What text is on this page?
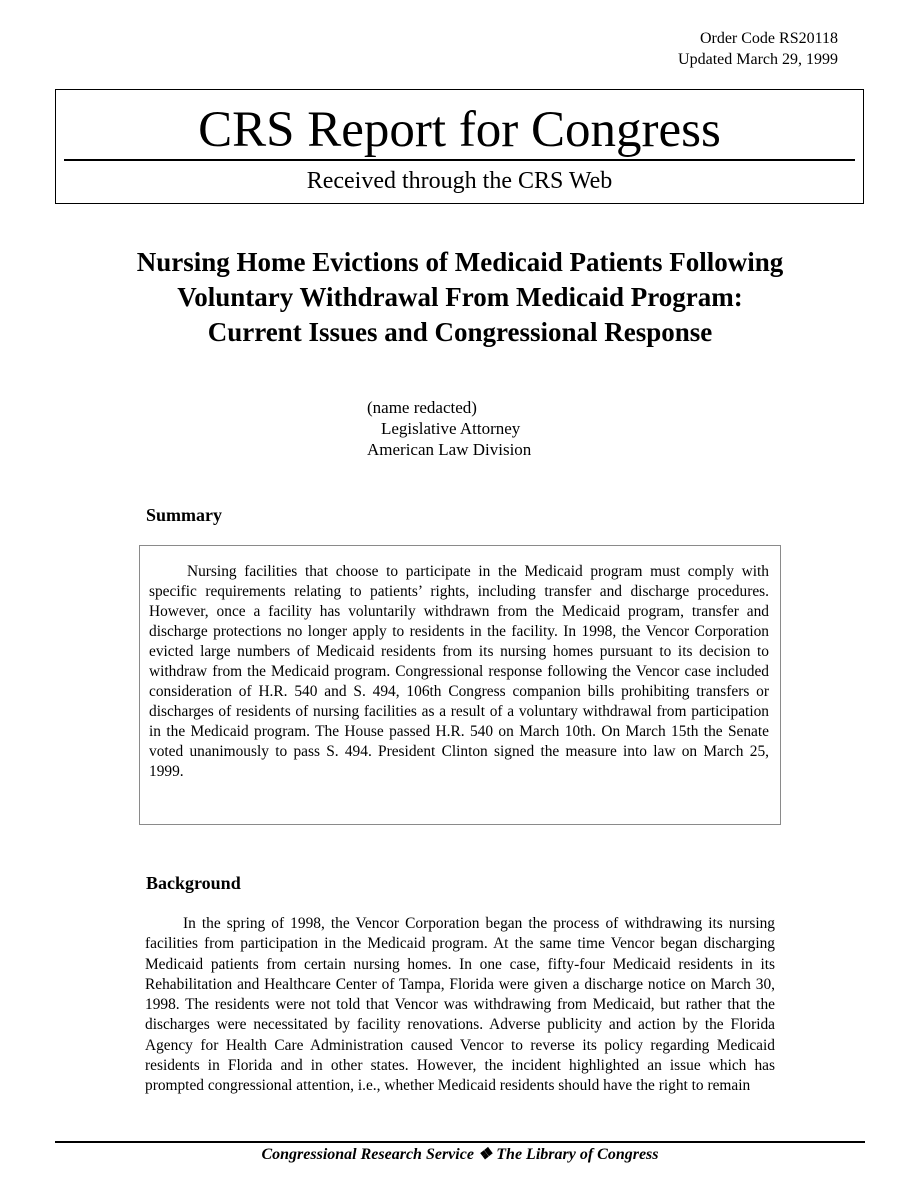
Order Code RS20118
Updated March 29, 1999
CRS Report for Congress
Received through the CRS Web
Nursing Home Evictions of Medicaid Patients Following Voluntary Withdrawal From Medicaid Program: Current Issues and Congressional Response
(name redacted)
Legislative Attorney
American Law Division
Summary
Nursing facilities that choose to participate in the Medicaid program must comply with specific requirements relating to patients’ rights, including transfer and discharge procedures. However, once a facility has voluntarily withdrawn from the Medicaid program, transfer and discharge protections no longer apply to residents in the facility. In 1998, the Vencor Corporation evicted large numbers of Medicaid residents from its nursing homes pursuant to its decision to withdraw from the Medicaid program. Congressional response following the Vencor case included consideration of H.R. 540 and S. 494, 106th Congress companion bills prohibiting transfers or discharges of residents of nursing facilities as a result of a voluntary withdrawal from participation in the Medicaid program. The House passed H.R. 540 on March 10th. On March 15th the Senate voted unanimously to pass S. 494. President Clinton signed the measure into law on March 25, 1999.
Background

In the spring of 1998, the Vencor Corporation began the process of withdrawing its nursing facilities from participation in the Medicaid program. At the same time Vencor began discharging Medicaid patients from certain nursing homes. In one case, fifty-four Medicaid residents in its Rehabilitation and Healthcare Center of Tampa, Florida were given a discharge notice on March 30, 1998. The residents were not told that Vencor was withdrawing from Medicaid, but rather that the discharges were necessitated by facility renovations. Adverse publicity and action by the Florida Agency for Health Care Administration caused Vencor to reverse its policy regarding Medicaid residents in Florida and in other states. However, the incident highlighted an issue which has prompted congressional attention, i.e., whether Medicaid residents should have the right to remain

Congressional Research Service ❖ The Library of Congress
